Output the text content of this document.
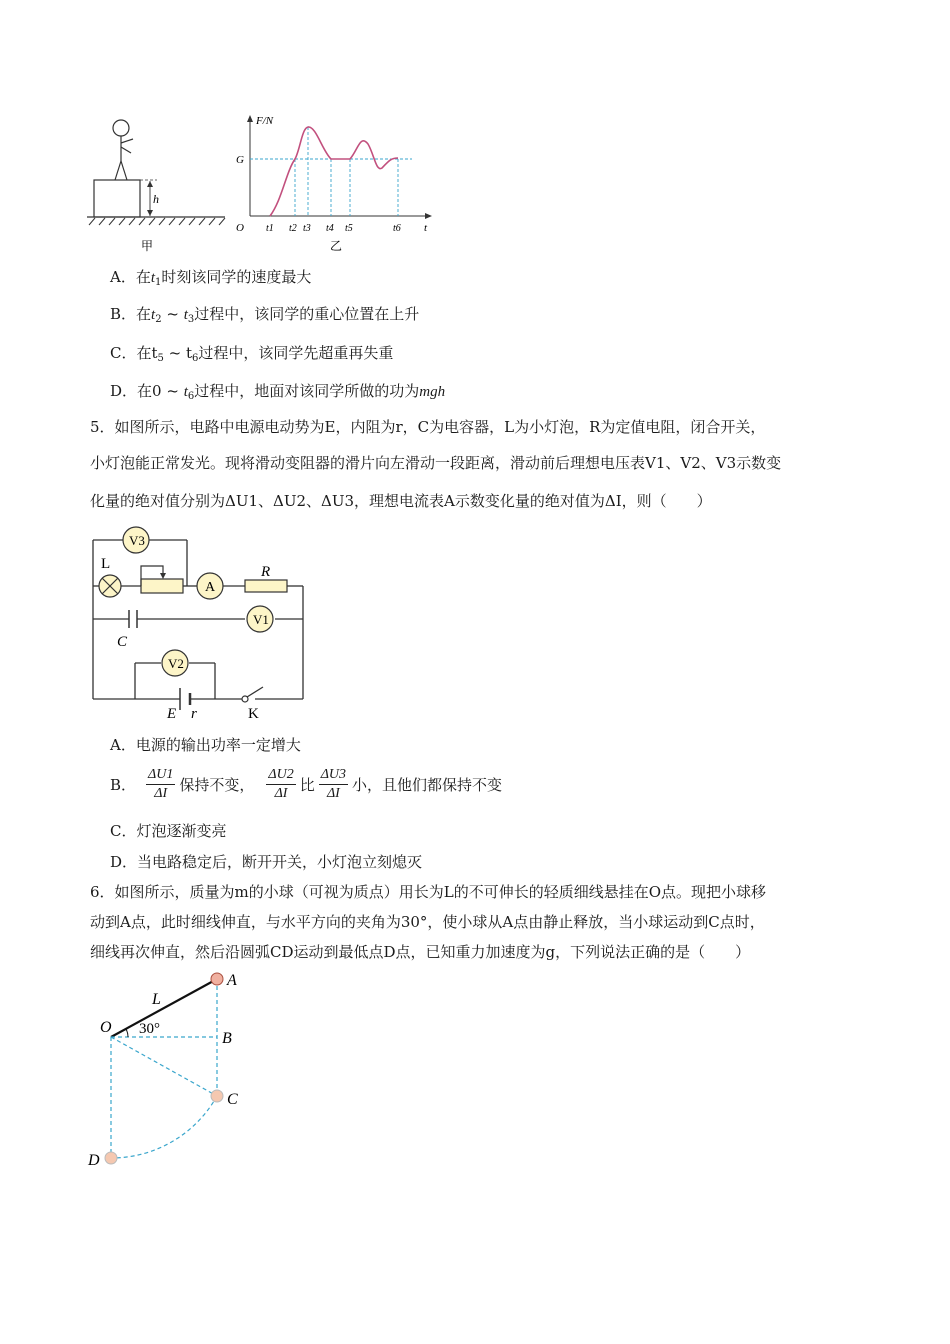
h
甲
F/N
t
O
G
t1 t2 t3 t4 t5	t6
乙
A．在$t_1$时刻该同学的速度最大
B．在$t_2$ ~ $t_3$过程中，该同学的重心位置在上升
C．在$t_5$ ~ $t_6$过程中，该同学先超重再失重
D．在0 ~ $t_6$过程中，地面对该同学所做的功为mgh
5．如图所示，电路中电源电动势为E，内阻为r，C为电容器，L为小灯泡，R为定值电阻，闭合开关，
小灯泡能正常发光。现将滑动变阻器的滑片向左滑动一段距离，滑动前后理想电压表V1、V2、V3示数变
化量的绝对值分别为ΔU1、ΔU2、ΔU3，理想电流表A示数变化量的绝对值为ΔI，则（　　）
V3
L
A
R
C
V1
V2
E r	K
A．电源的输出功率一定增大
B． $\frac{\Delta U1}{\Delta I}$ 保持不变， $\frac{\Delta U2}{\Delta I}$ 比 $\frac{\Delta U3}{\Delta I}$ 小，且他们都保持不变
C．灯泡逐渐变亮
D．当电路稳定后，断开开关，小灯泡立刻熄灭
6．如图所示，质量为m的小球（可视为质点）用长为L的不可伸长的轻质细线悬挂在O点。现把小球移
动到A点，此时细线伸直，与水平方向的夹角为30°，使小球从A点由静止释放，当小球运动到C点时，
细线再次伸直，然后沿圆弧CD运动到最低点D点，已知重力加速度为g，下列说法正确的是（　　）
O
A
B
C
D
L
30°
